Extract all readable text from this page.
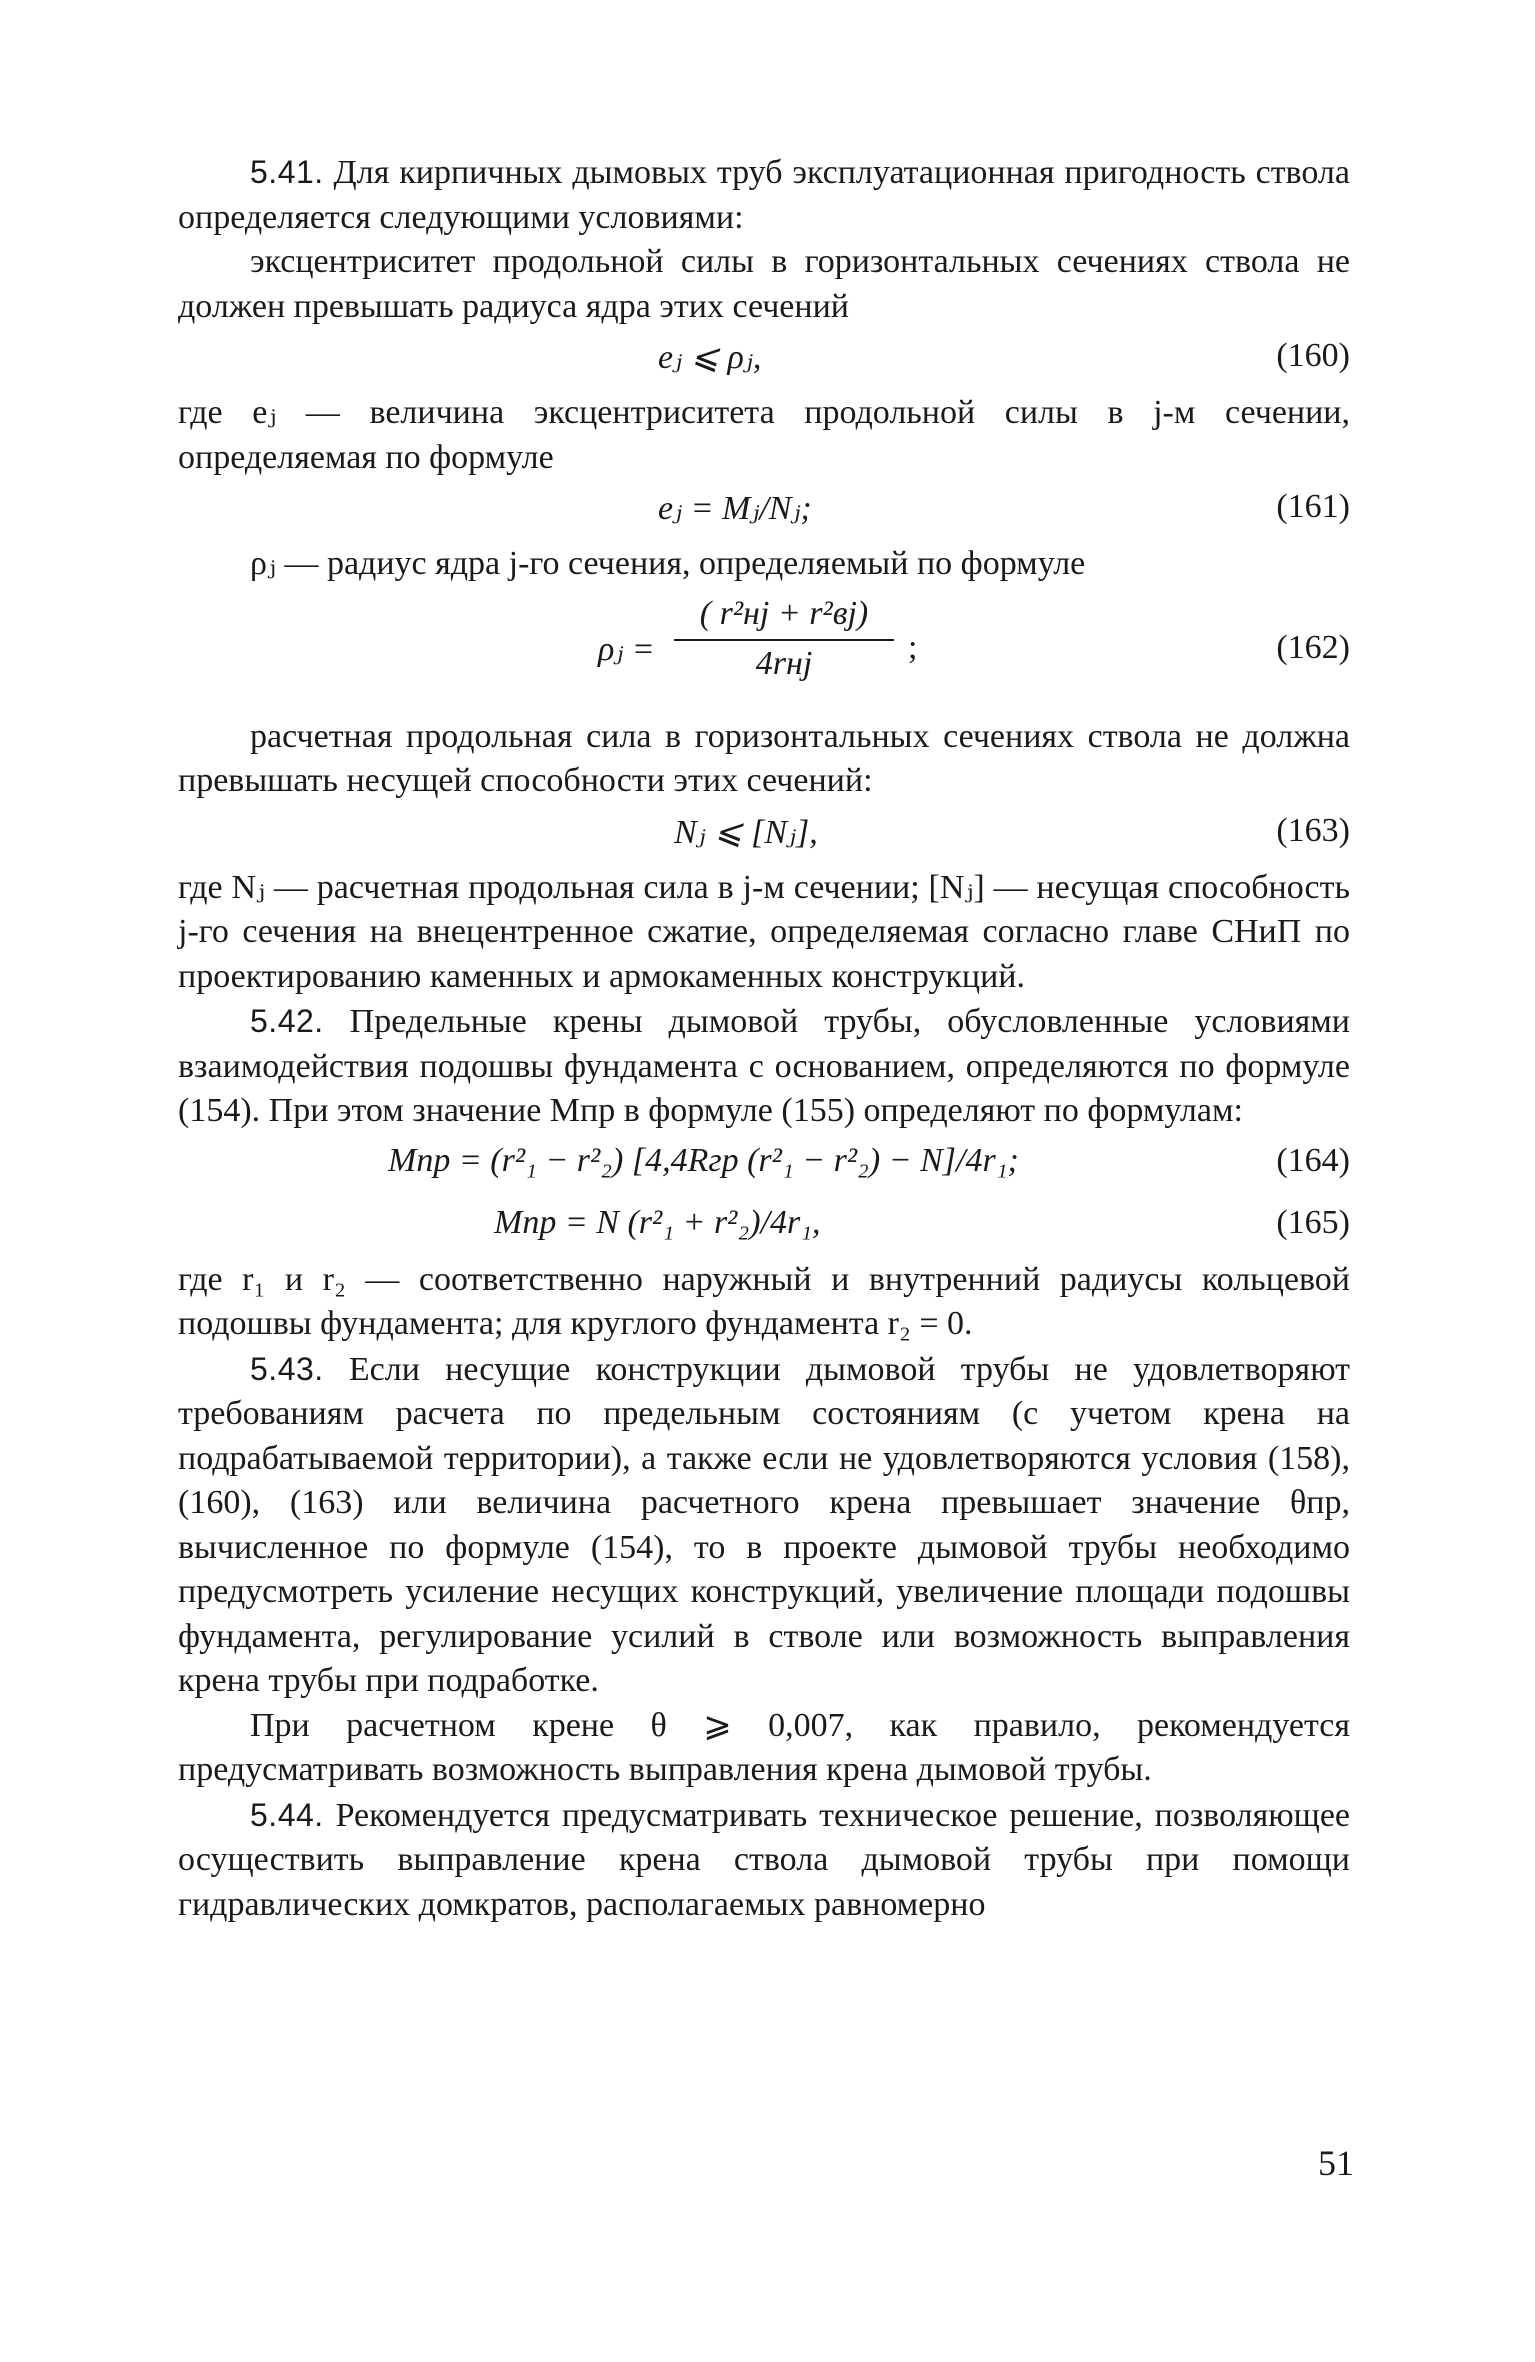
5.41. Для кирпичных дымовых труб эксплуатационная пригодность ствола определяется следующими условиями:

эксцентриситет продольной силы в горизонтальных сечениях ствола не должен превышать радиуса ядра этих сечений

eⱼ ⩽ ρⱼ,	(160)

где eⱼ — величина эксцентриситета продольной силы в j-м сечении, определяемая по формуле

eⱼ = Mⱼ/Nⱼ;	(161)

ρⱼ — радиус ядра j-го сечения, определяемый по формуле

ρⱼ =
( r²нj + r²вj)
4rнj	;	(162)

расчетная продольная сила в горизонтальных сечениях ствола не должна превышать несущей способности этих сечений:

Nⱼ ⩽ [Nⱼ],	(163)

где Nⱼ — расчетная продольная сила в j-м сечении; [Nⱼ] — несущая способность j-го сечения на внецентренное сжатие, определяемая согласно главе СНиП по проектированию каменных и армокаменных конструкций.

5.42. Предельные крены дымовой трубы, обусловленные условиями взаимодействия подошвы фундамента с основанием, определяются по формуле (154). При этом значение Mпр в формуле (155) определяют по формулам:

Mпр = (r²₁ − r²₂) [4,4Rгр (r²₁ − r²₂) − N]/4r₁;	(164)
Mпр = N (r²₁ + r²₂)/4r₁,	(165)

где r₁ и r₂ — соответственно наружный и внутренний радиусы кольцевой подошвы фундамента; для круглого фундамента r₂ = 0.

5.43. Если несущие конструкции дымовой трубы не удовлетворяют требованиям расчета по предельным состояниям (с учетом крена на подрабатываемой территории), а также если не удовлетворяются условия (158), (160), (163) или величина расчетного крена превышает значение θпр, вычисленное по формуле (154), то в проекте дымовой трубы необходимо предусмотреть усиление несущих конструкций, увеличение площади подошвы фундамента, регулирование усилий в стволе или возможность выправления крена трубы при подработке.

При расчетном крене θ ⩾ 0,007, как правило, рекомендуется предусматривать возможность выправления крена дымовой трубы.

5.44. Рекомендуется предусматривать техническое решение, позволяющее осуществить выправление крена ствола дымовой трубы при помощи гидравлических домкратов, располагаемых равномерно

51
